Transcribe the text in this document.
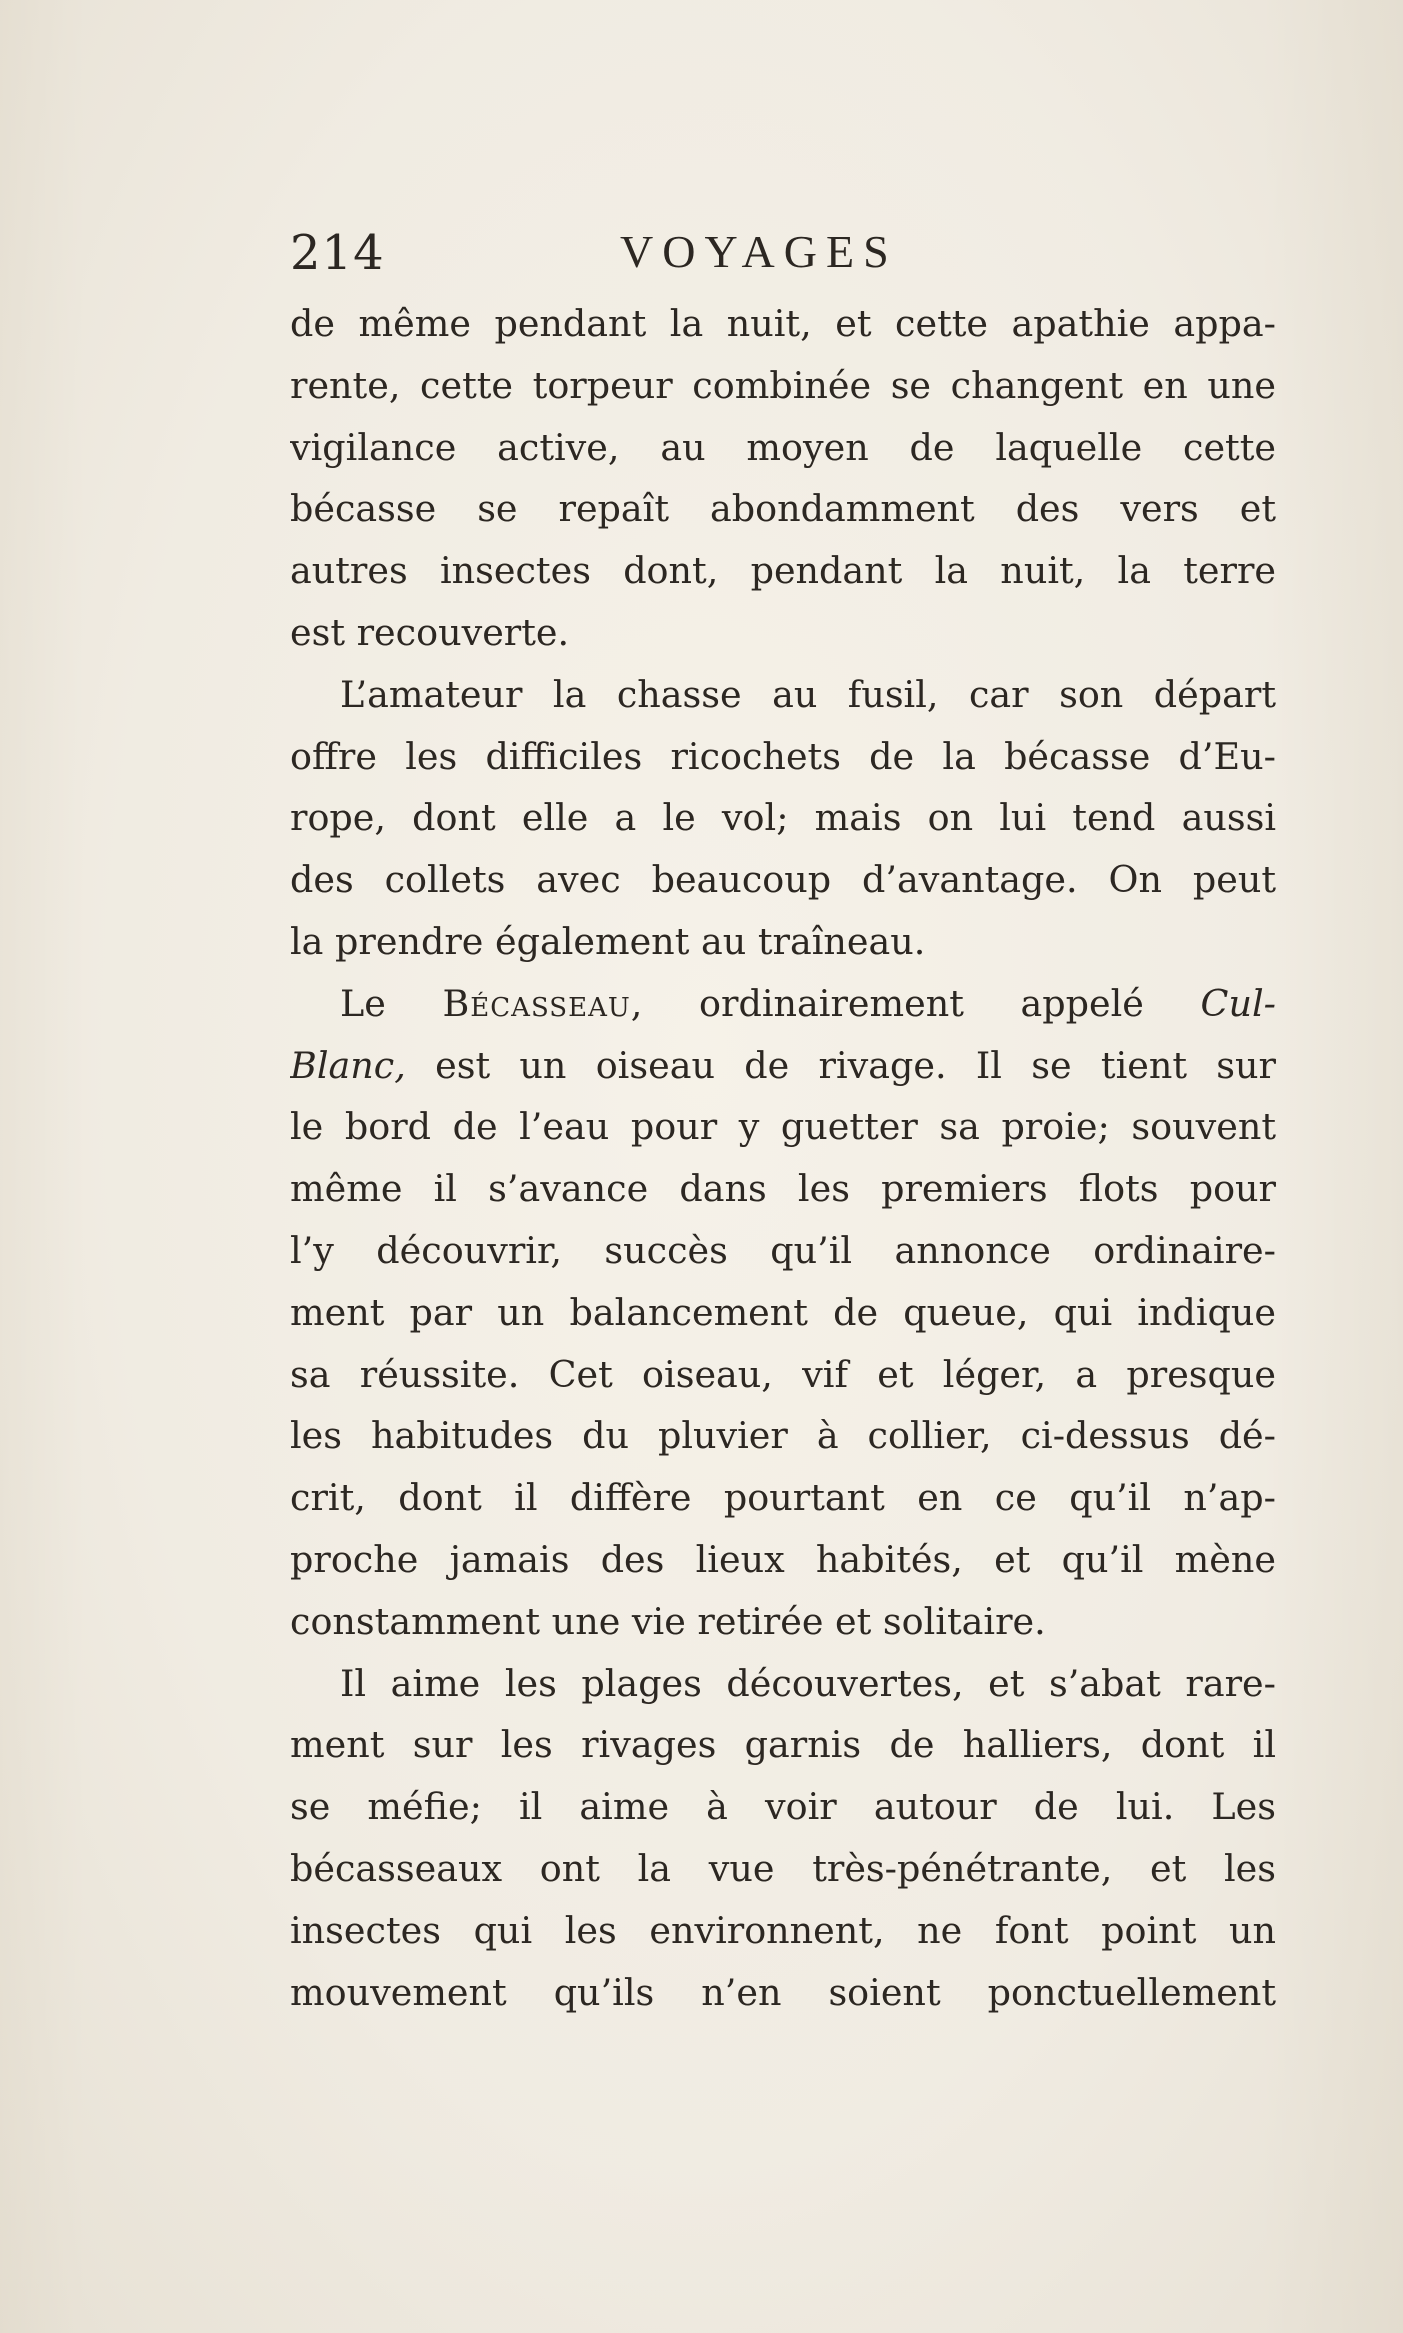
214	VOYAGES
de même pendant la nuit, et cette apathie appa-
rente, cette torpeur combinée se changent en une
vigilance active, au moyen de laquelle cette
bécasse se repaît abondamment des vers et
autres insectes dont, pendant la nuit, la terre
est recouverte.
L’amateur la chasse au fusil, car son départ
offre les difficiles ricochets de la bécasse d’Eu-
rope, dont elle a le vol; mais on lui tend aussi
des collets avec beaucoup d’avantage. On peut
la prendre également au traîneau.
Le Bécasseau, ordinairement appelé Cul-
Blanc, est un oiseau de rivage. Il se tient sur
le bord de l’eau pour y guetter sa proie; souvent
même il s’avance dans les premiers flots pour
l’y découvrir, succès qu’il annonce ordinaire-
ment par un balancement de queue, qui indique
sa réussite. Cet oiseau, vif et léger, a presque
les habitudes du pluvier à collier, ci-dessus dé-
crit, dont il diffère pourtant en ce qu’il n’ap-
proche jamais des lieux habités, et qu’il mène
constamment une vie retirée et solitaire.
Il aime les plages découvertes, et s’abat rare-
ment sur les rivages garnis de halliers, dont il
se méfie; il aime à voir autour de lui. Les
bécasseaux ont la vue très-pénétrante, et les
insectes qui les environnent, ne font point un
mouvement qu’ils n’en soient ponctuellement
